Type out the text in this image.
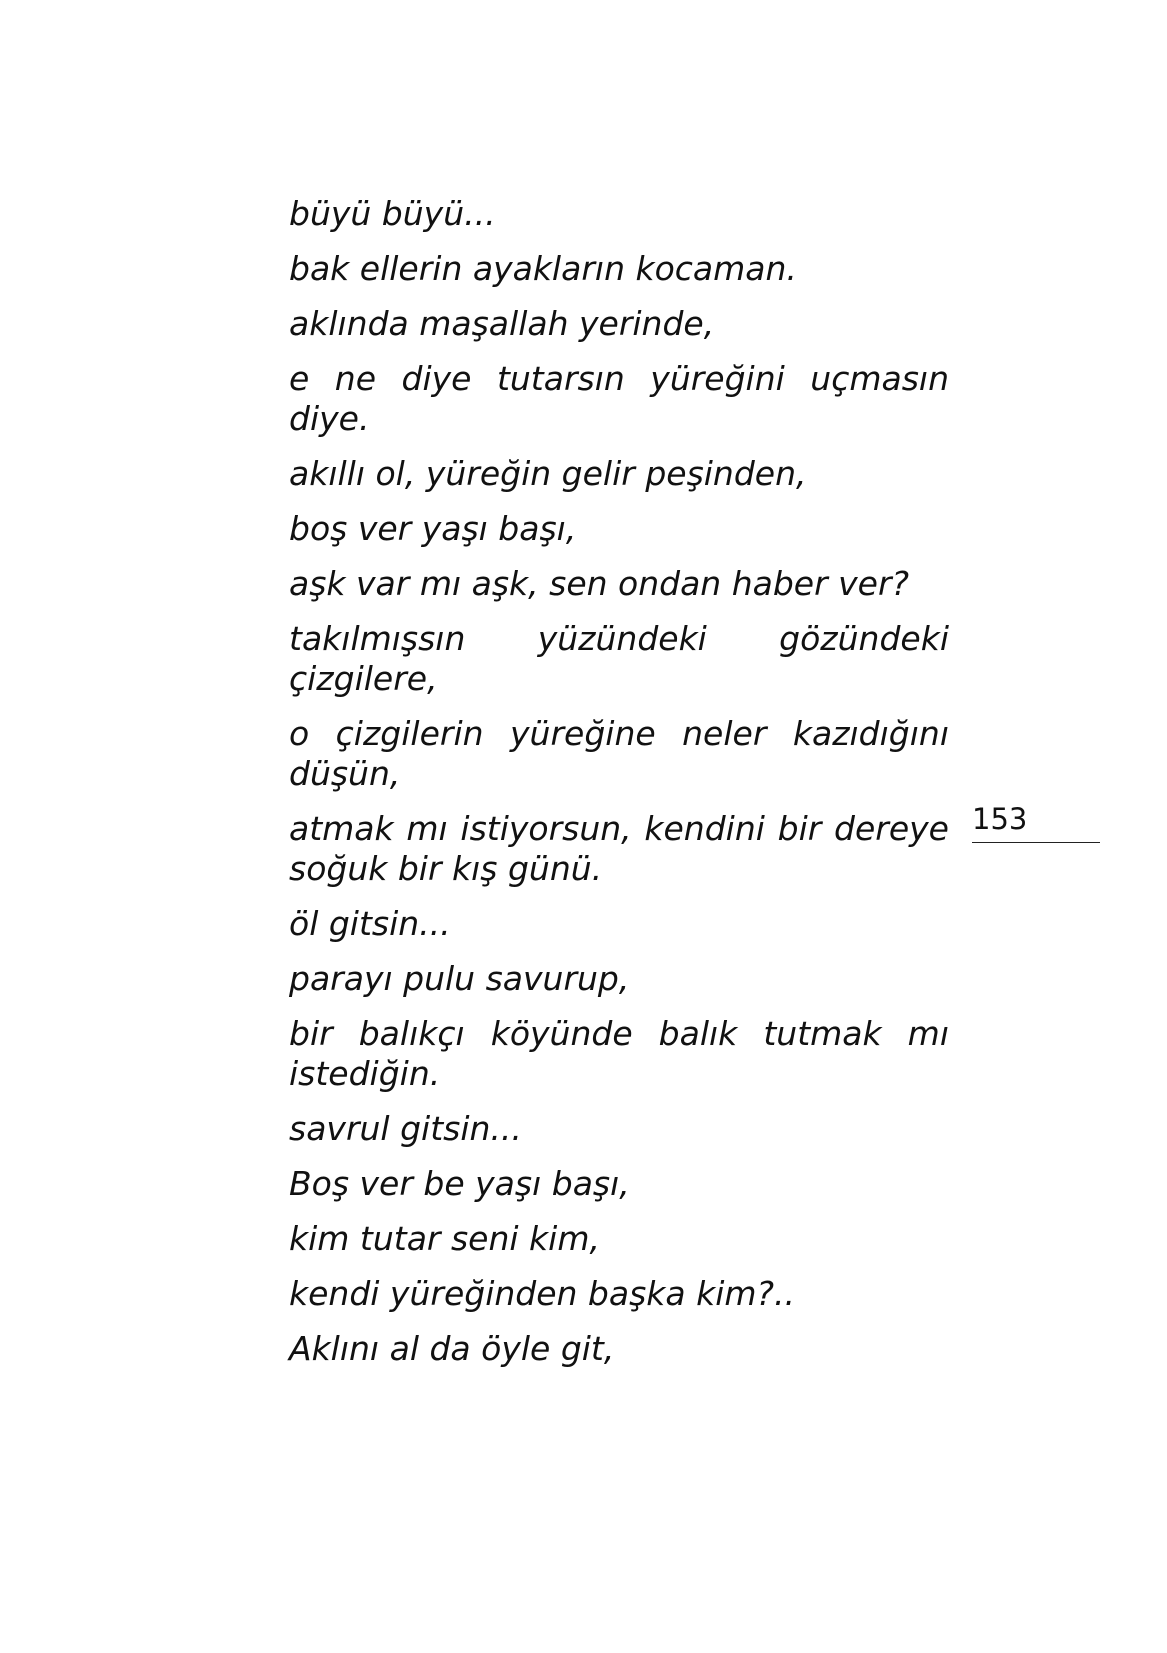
büyü büyü...

bak ellerin ayakların kocaman.

aklında maşallah yerinde,

e ne diye tutarsın yüreğini uçmasın diye.

akıllı ol, yüreğin gelir peşinden,

boş ver yaşı başı,

aşk var mı aşk, sen ondan haber ver?

takılmışsın yüzündeki gözündeki çizgilere,

o çizgilerin yüreğine neler kazıdığını düşün,

atmak mı istiyorsun, kendini bir dereye soğuk bir kış günü.

öl gitsin...

parayı pulu savurup,

bir balıkçı köyünde balık tutmak mı istediğin.

savrul gitsin...

Boş ver be yaşı başı,

kim tutar seni kim,

kendi yüreğinden başka kim?..

Aklını al da öyle git,

153
